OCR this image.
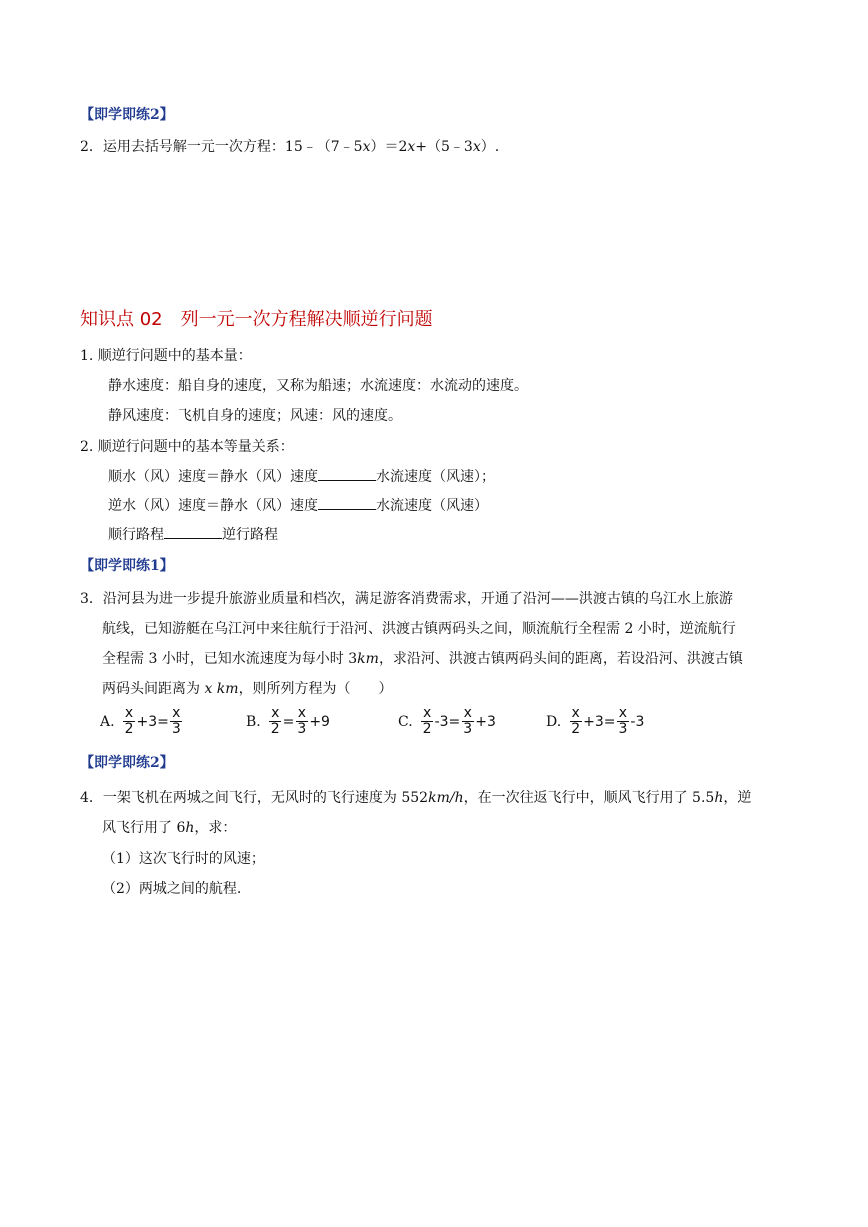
【即学即练2】
2．运用去括号解一元一次方程：15﹣（7﹣5x）＝2x+（5﹣3x）.
知识点 02　列一元一次方程解决顺逆行问题
1. 顺逆行问题中的基本量：
静水速度：船自身的速度，又称为船速；水流速度：水流动的速度。
静风速度：飞机自身的速度；风速：风的速度。
2. 顺逆行问题中的基本等量关系：
顺水（风）速度＝静水（风）速度	水流速度（风速）；
逆水（风）速度＝静水（风）速度	水流速度（风速）
顺行路程	逆行路程
【即学即练1】
3．沿河县为进一步提升旅游业质量和档次，满足游客消费需求，开通了沿河——洪渡古镇的乌江水上旅游
航线，已知游艇在乌江河中来往航行于沿河、洪渡古镇两码头之间，顺流航行全程需 2 小时，逆流航行
全程需 3 小时，已知水流速度为每小时 3km，求沿河、洪渡古镇两码头间的距离，若设沿河、洪渡古镇
两码头间距离为 x km，则所列方程为（　　）
A. $\frac{x}{2} +3= \frac{x}{3}$	B. $\frac{x}{2} = \frac{x}{3} +9$	C. $\frac{x}{2} -3= \frac{x}{3} +3$	D. $\frac{x}{2} +3= \frac{x}{3} -3$
【即学即练2】
4．一架飞机在两城之间飞行，无风时的飞行速度为 552km/h，在一次往返飞行中，顺风飞行用了 5.5h，逆
风飞行用了 6h，求：
（1）这次飞行时的风速；
（2）两城之间的航程.
